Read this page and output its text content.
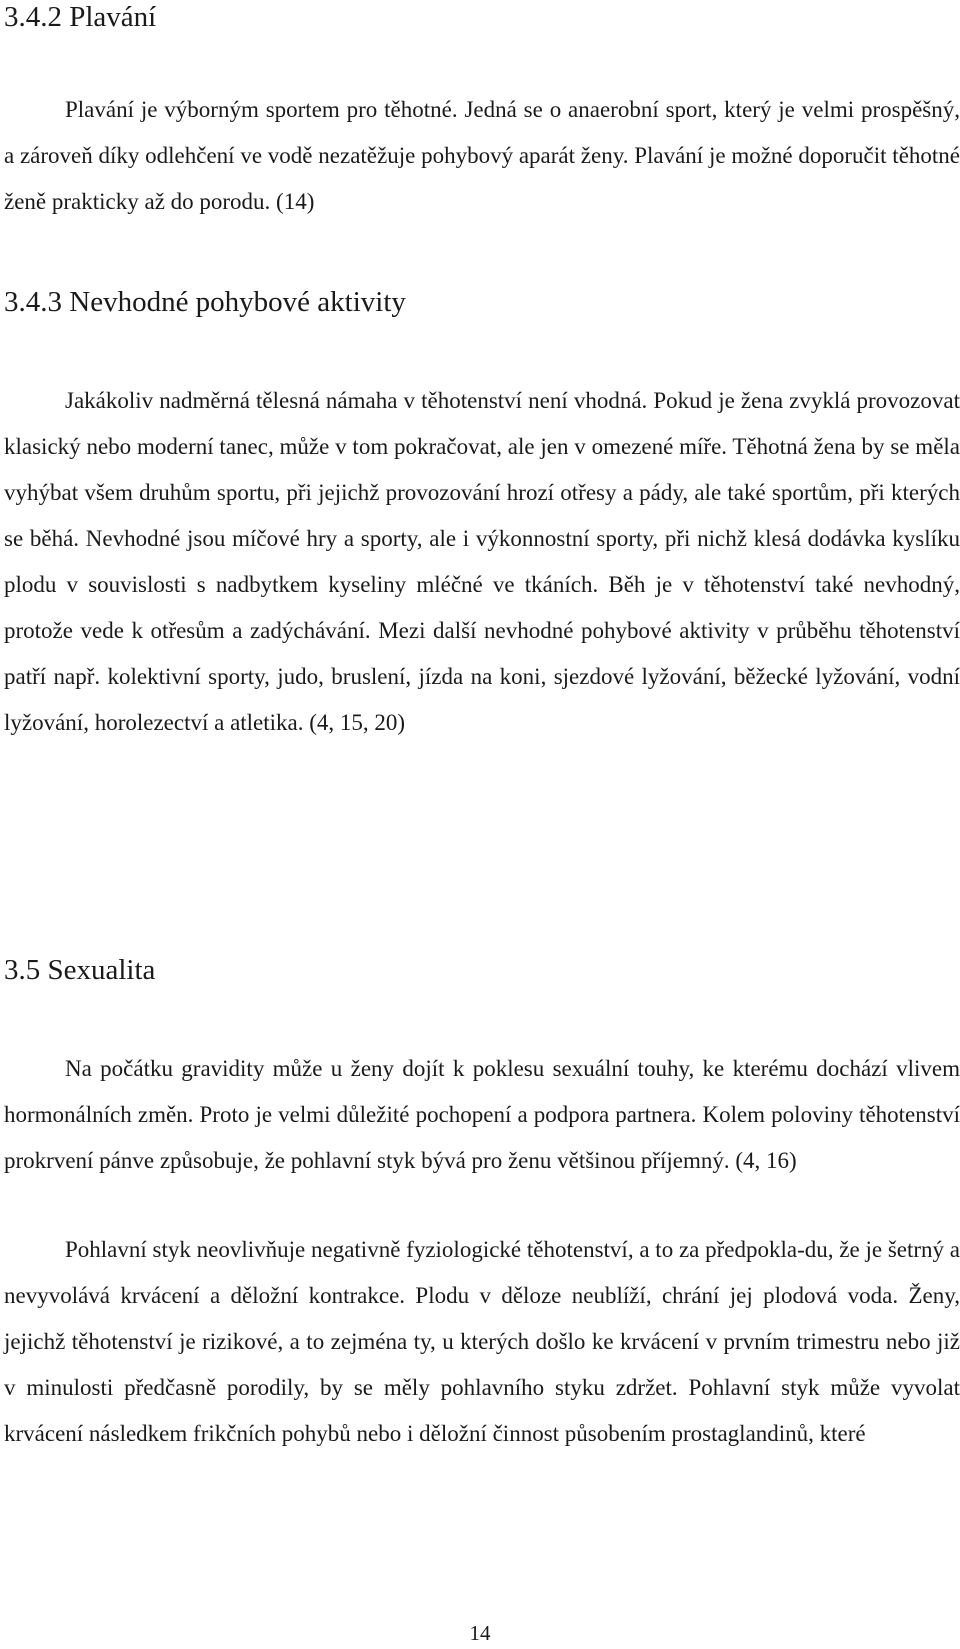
3.4.2 Plavání

Plavání je výborným sportem pro těhotné. Jedná se o anaerobní sport, který je velmi prospěšný, a zároveň díky odlehčení ve vodě nezatěžuje pohybový aparát ženy. Plavání je možné doporučit těhotné ženě prakticky až do porodu. (14)

3.4.3 Nevhodné pohybové aktivity

Jakákoliv nadměrná tělesná námaha v těhotenství není vhodná. Pokud je žena zvyklá provozovat klasický nebo moderní tanec, může v tom pokračovat, ale jen v omezené míře. Těhotná žena by se měla vyhýbat všem druhům sportu, při jejichž provozování hrozí otřesy a pády, ale také sportům, při kterých se běhá. Nevhodné jsou míčové hry a sporty, ale i výkonnostní sporty, při nichž klesá dodávka kyslíku plodu v souvislosti s nadbytkem kyseliny mléčné ve tkáních. Běh je v těhotenství také nevhodný, protože vede k otřesům a zadýchávání. Mezi další nevhodné pohybové aktivity v průběhu těhotenství patří např. kolektivní sporty, judo, bruslení, jízda na koni, sjezdové lyžování, běžecké lyžování, vodní lyžování, horolezectví a atletika. (4, 15, 20)

3.5 Sexualita

Na počátku gravidity může u ženy dojít k poklesu sexuální touhy, ke kterému dochází vlivem hormonálních změn. Proto je velmi důležité pochopení a podpora partnera. Kolem poloviny těhotenství prokrvení pánve způsobuje, že pohlavní styk bývá pro ženu většinou příjemný. (4, 16)

Pohlavní styk neovlivňuje negativně fyziologické těhotenství, a to za předpokla-du, že je šetrný a nevyvolává krvácení a děložní kontrakce. Plodu v děloze neublíží, chrání jej plodová voda. Ženy, jejichž těhotenství je rizikové, a to zejména ty, u kterých došlo ke krvácení v prvním trimestru nebo již v minulosti předčasně porodily, by se měly pohlavního styku zdržet. Pohlavní styk může vyvolat krvácení následkem frikčních pohybů nebo i děložní činnost působením prostaglandinů, které

14
